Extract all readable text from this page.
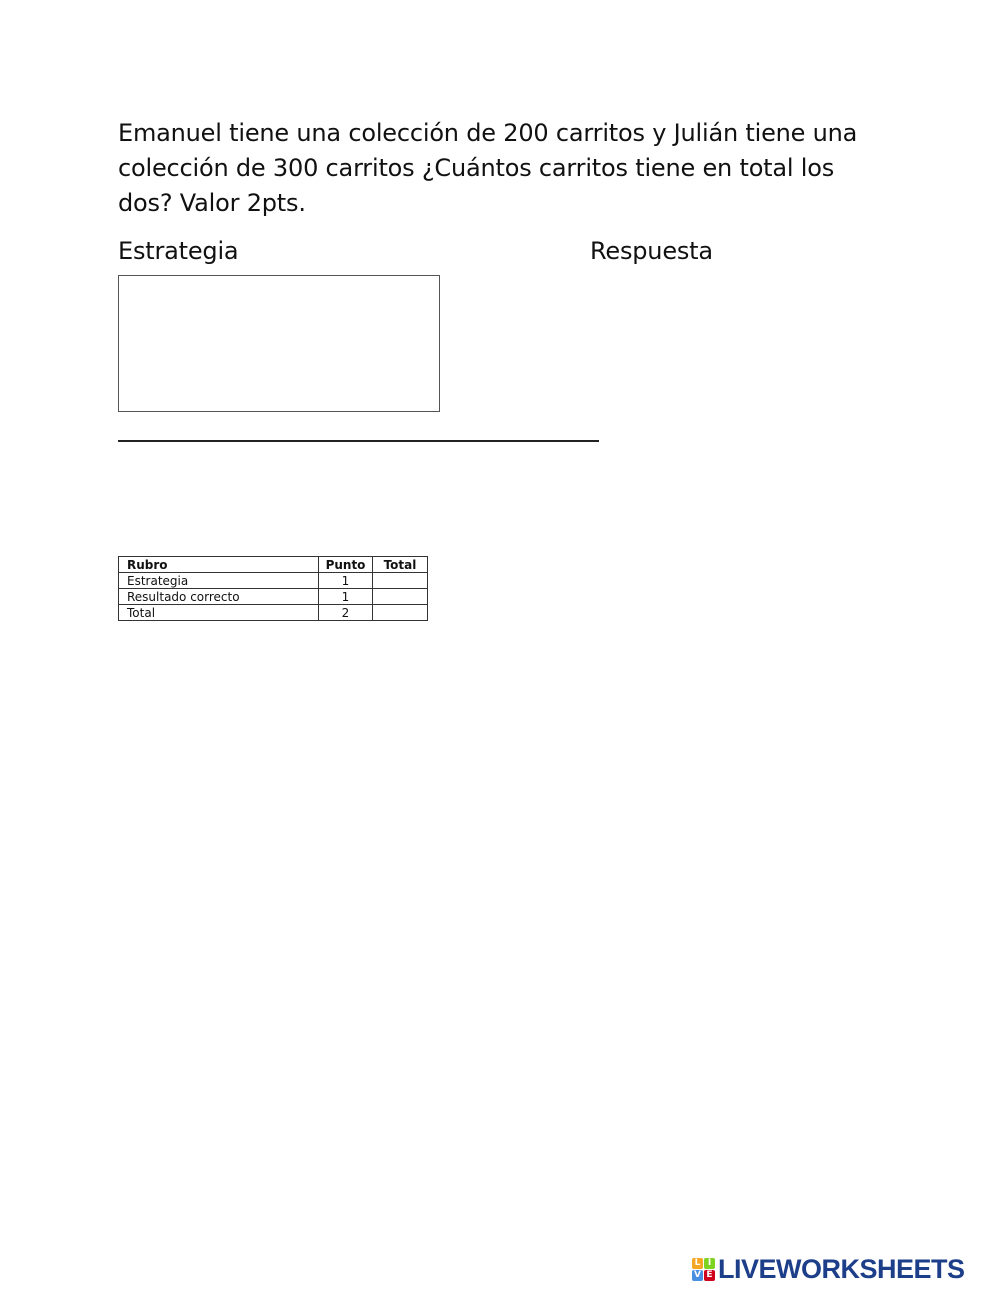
Emanuel tiene una colección de 200 carritos y Julián tiene una colección de 300 carritos ¿Cuántos carritos tiene en total los dos? Valor 2pts.

Estrategia	Respuesta
Rubro	Punto	Total
Estrategia	1	
Resultado correcto	1	
Total	2	
L I
V E LIVEWORKSHEETS
